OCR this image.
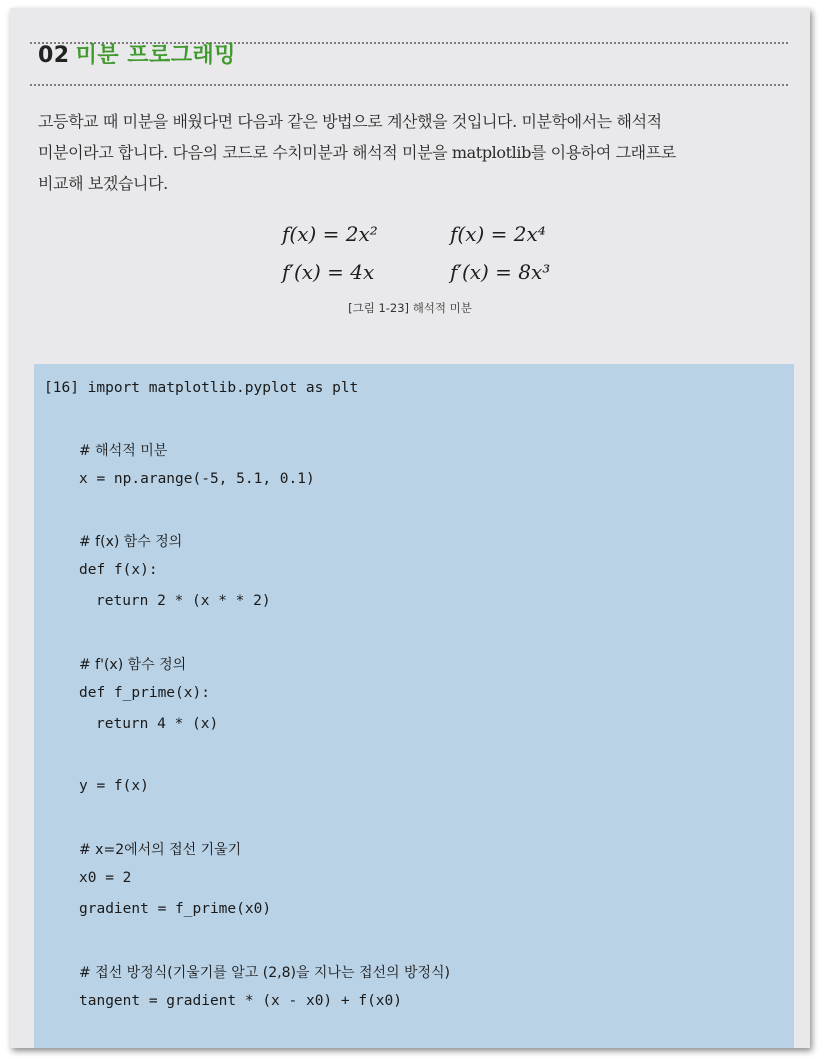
02 미분 프로그래밍
고등학교 때 미분을 배웠다면 다음과 같은 방법으로 계산했을 것입니다. 미분학에서는 해석적
미분이라고 합니다. 다음의 코드로 수치미분과 해석적 미분을 matplotlib를 이용하여 그래프로
비교해 보겠습니다.
f(x) = 2x²	f(x) = 2x⁴
f′(x) = 4x	f′(x) = 8x³
[그림 1-23] 해석적 미분
[16] import matplotlib.pyplot as plt
# 해석적 미분
x = np.arange(-5, 5.1, 0.1)
# f(x) 함수 정의
def f(x):
return 2 * (x * * 2)
# f'(x) 함수 정의
def f_prime(x):
return 4 * (x)
y = f(x)
# x=2에서의 접선 기울기
x0 = 2
gradient = f_prime(x0)
# 접선 방정식(기울기를 알고 (2,8)을 지나는 접선의 방정식)
tangent = gradient * (x - x0) + f(x0)
